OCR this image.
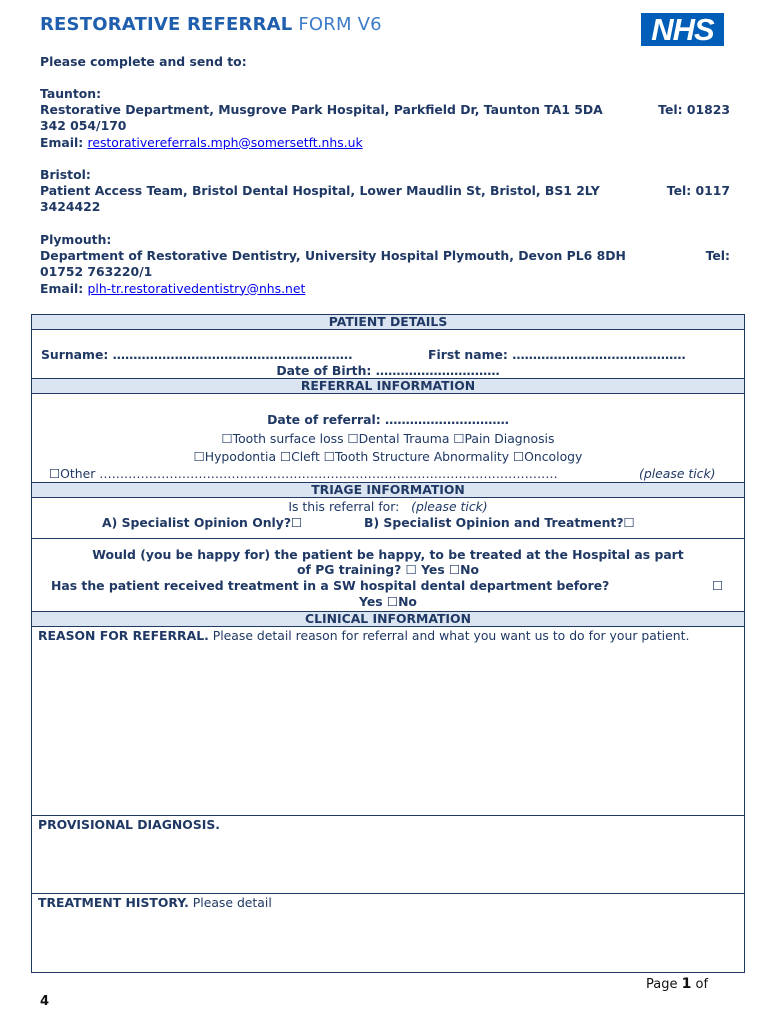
RESTORATIVE REFERRAL FORM V6	NHS
Please complete and send to:
Taunton:
Restorative Department, Musgrove Park Hospital, Parkfield Dr, Taunton TA1 5DA	Tel: 01823
342 054/170
Email: restorativereferrals.mph@somersetft.nhs.uk
Bristol:
Patient Access Team, Bristol Dental Hospital, Lower Maudlin St, Bristol, BS1 2LY	Tel: 0117
3424422
Plymouth:
Department of Restorative Dentistry, University Hospital Plymouth, Devon PL6 8DH	Tel:
01752 763220/1
Email: plh-tr.restorativedentistry@nhs.net
PATIENT DETAILS
Surname: ………………………………………………….	First name: ……………………………………
Date of Birth: …………………………
REFERRAL INFORMATION
Date of referral: …………………………
☐Tooth surface loss ☐Dental Trauma ☐Pain Diagnosis
☐Hypodontia ☐Cleft ☐Tooth Structure Abnormality ☐Oncology
☐Other …………………………………………………………………………………………………	(please tick)
TRIAGE INFORMATION
Is this referral for: (please tick)
A) Specialist Opinion Only?☐	B) Specialist Opinion and Treatment?☐
Would (you be happy for) the patient be happy, to be treated at the Hospital as part
of PG training? ☐ Yes ☐No
Has the patient received treatment in a SW hospital dental department before?	☐
Yes ☐No
CLINICAL INFORMATION
REASON FOR REFERRAL. Please detail reason for referral and what you want us to do for your patient.
PROVISIONAL DIAGNOSIS.
TREATMENT HISTORY. Please detail
Page 1 of
4
